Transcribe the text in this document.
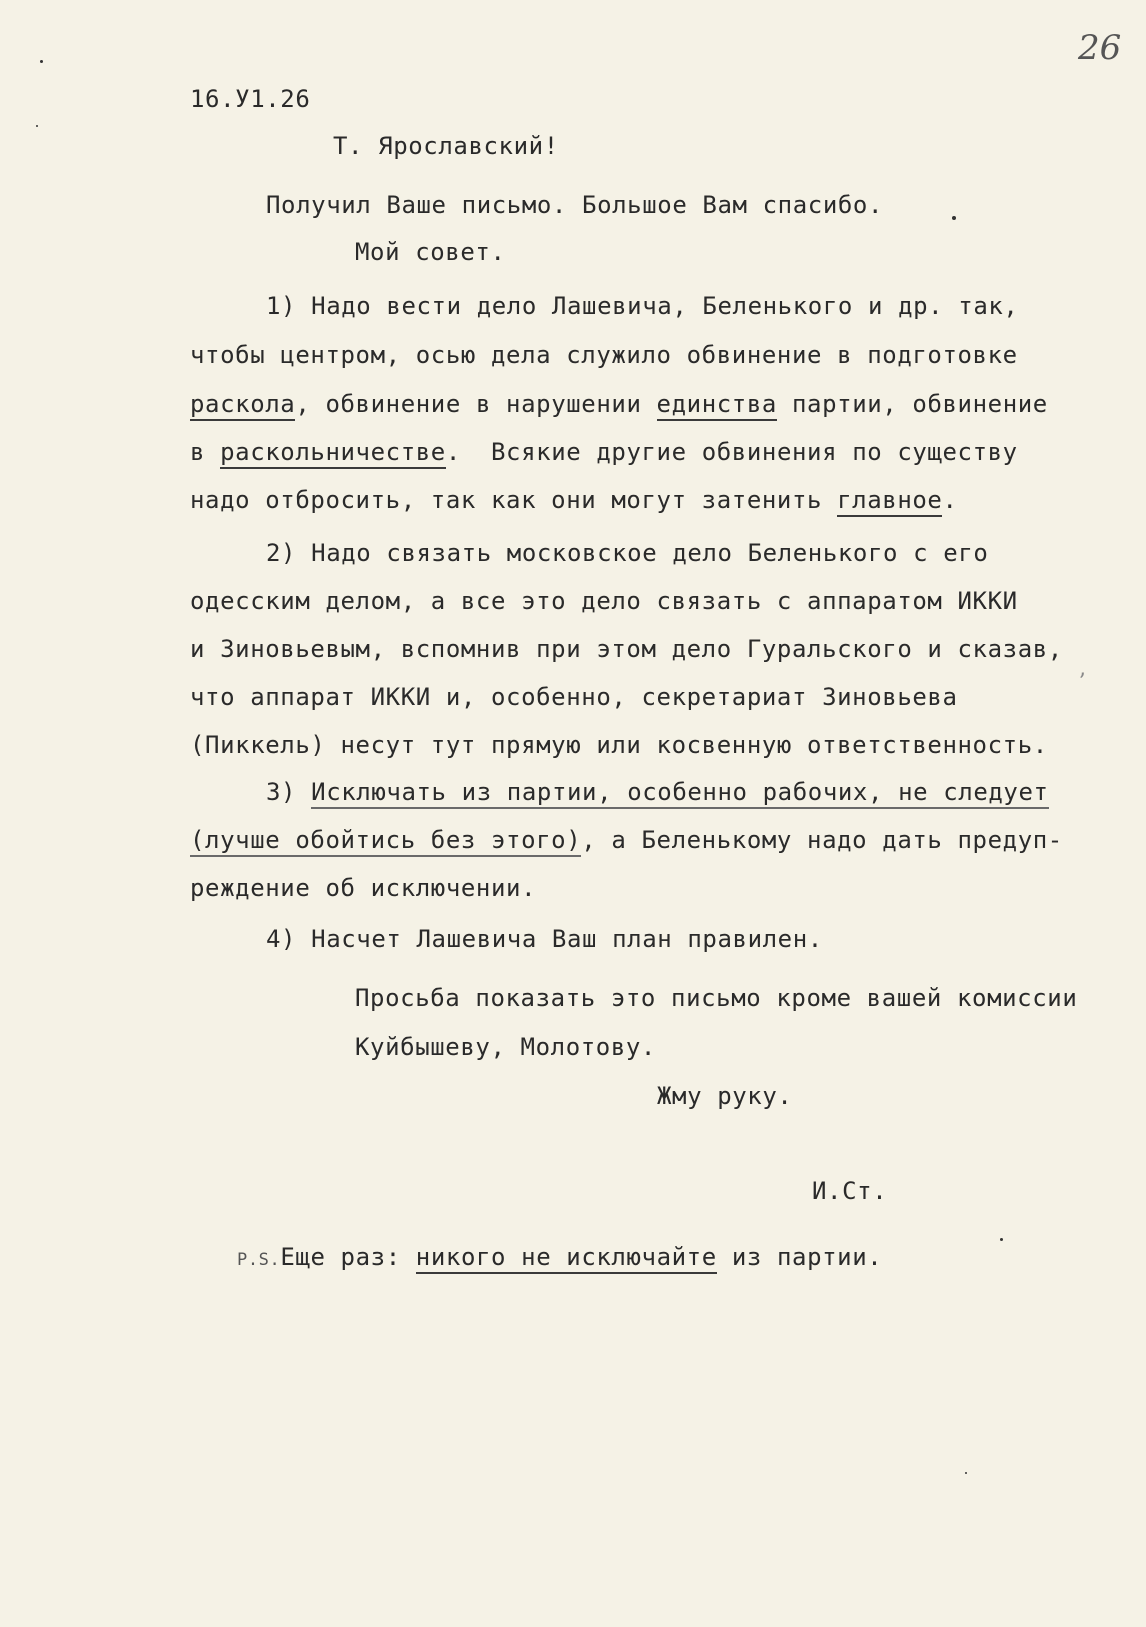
26
16.У1.26
Т. Ярославский!
Получил Ваше письмо. Большое Вам спасибо.
Мой совет.
1) Надо вести дело Лашевича, Беленького и др. так,
чтобы центром, осью дела служило обвинение в подготовке
раскола, обвинение в нарушении единства партии, обвинение
в раскольничестве.  Всякие другие обвинения по существу
надо отбросить, так как они могут затенить главное.
2) Надо связать московское дело Беленького с его
одесским делом, а все это дело связать с аппаратом ИККИ
и Зиновьевым, вспомнив при этом дело Гуральского и сказав,
что аппарат ИККИ и, особенно, секретариат Зиновьева
(Пиккель) несут тут прямую или косвенную ответственность.
3) Исключать из партии, особенно рабочих, не следует
(лучше обойтись без этого), а Беленькому надо дать предуп-
реждение об исключении.
4) Насчет Лашевича Ваш план правилен.
Просьба показать это письмо кроме вашей комиссии
Куйбышеву, Молотову.
Жму руку.
И.Ст.
P.S.Еще раз: никого не исключайте из партии.
ʼ
